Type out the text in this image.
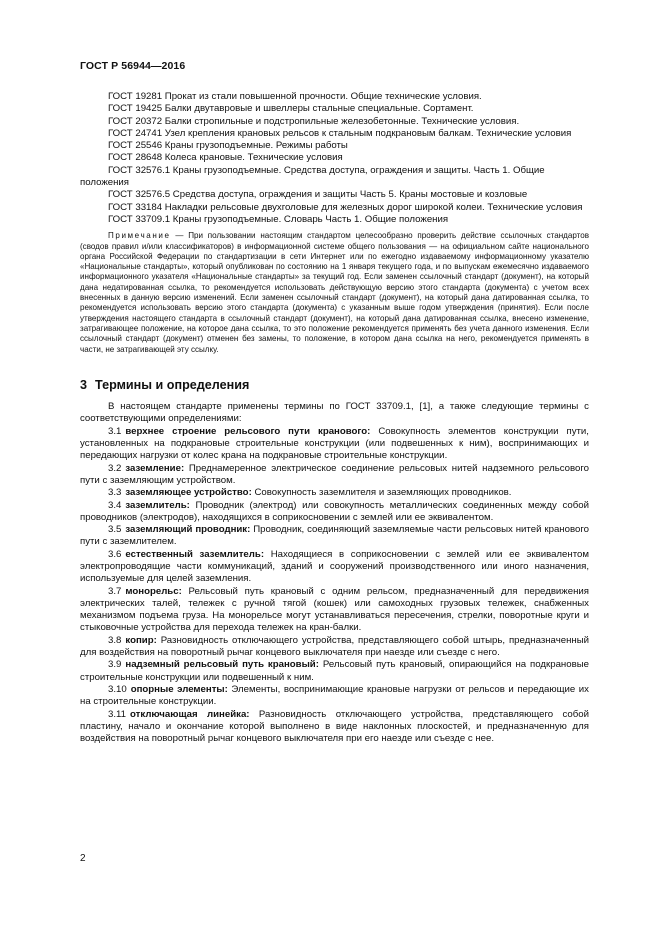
ГОСТ Р 56944—2016

ГОСТ 19281 Прокат из стали повышенной прочности. Общие технические условия.

ГОСТ 19425 Балки двутавровые и швеллеры стальные специальные. Сортамент.

ГОСТ 20372 Балки стропильные и подстропильные железобетонные. Технические условия.

ГОСТ 24741 Узел крепления крановых рельсов к стальным подкрановым балкам. Технические условия

ГОСТ 25546 Краны грузоподъемные. Режимы работы

ГОСТ 28648 Колеса крановые. Технические условия

ГОСТ 32576.1 Краны грузоподъемные. Средства доступа, ограждения и защиты. Часть 1. Общие положения

ГОСТ 32576.5 Средства доступа, ограждения и защиты Часть 5. Краны мостовые и козловые

ГОСТ 33184 Накладки рельсовые двухголовые для железных дорог широкой колеи. Технические условия

ГОСТ 33709.1 Краны грузоподъемные. Словарь Часть 1. Общие положения

Примечание — При пользовании настоящим стандартом целесообразно проверить действие ссылочных стандартов (сводов правил и/или классификаторов) в информационной системе общего пользования — на официальном сайте национального органа Российской Федерации по стандартизации в сети Интернет или по ежегодно издаваемому информационному указателю «Национальные стандарты», который опубликован по состоянию на 1 января текущего года, и по выпускам ежемесячно издаваемого информационного указателя «Национальные стандарты» за текущий год. Если заменен ссылочный стандарт (документ), на который дана недатированная ссылка, то рекомендуется использовать действующую версию этого стандарта (документа) с учетом всех внесенных в данную версию изменений. Если заменен ссылочный стандарт (документ), на который дана датированная ссылка, то рекомендуется использовать версию этого стандарта (документа) с указанным выше годом утверждения (принятия). Если после утверждения настоящего стандарта в ссылочный стандарт (документ), на который дана датированная ссылка, внесено изменение, затрагивающее положение, на которое дана ссылка, то это положение рекомендуется применять без учета данного изменения. Если ссылочный стандарт (документ) отменен без замены, то положение, в котором дана ссылка на него, рекомендуется применять в части, не затрагивающей эту ссылку.

3 Термины и определения

В настоящем стандарте применены термины по ГОСТ 33709.1, [1], а также следующие термины с соответствующими определениями:

3.1 верхнее строение рельсового пути кранового: Совокупность элементов конструкции пути, установленных на подкрановые строительные конструкции (или подвешенных к ним), воспринимающих и передающих нагрузки от колес крана на подкрановые строительные конструкции.

3.2 заземление: Преднамеренное электрическое соединение рельсовых нитей надземного рельсового пути с заземляющим устройством.

3.3 заземляющее устройство: Совокупность заземлителя и заземляющих проводников.

3.4 заземлитель: Проводник (электрод) или совокупность металлических соединенных между собой проводников (электродов), находящихся в соприкосновении с землей или ее эквивалентом.

3.5 заземляющий проводник: Проводник, соединяющий заземляемые части рельсовых нитей кранового пути с заземлителем.

3.6 естественный заземлитель: Находящиеся в соприкосновении с землей или ее эквивалентом электропроводящие части коммуникаций, зданий и сооружений производственного или иного назначения, используемые для целей заземления.

3.7 монорельс: Рельсовый путь крановый с одним рельсом, предназначенный для передвижения электрических талей, тележек с ручной тягой (кошек) или самоходных грузовых тележек, снабженных механизмом подъема груза. На монорельсе могут устанавливаться пересечения, стрелки, поворотные круги и стыковочные устройства для перехода тележек на кран-балки.

3.8 копир: Разновидность отключающего устройства, представляющего собой штырь, предназначенный для воздействия на поворотный рычаг концевого выключателя при наезде или съезде с него.

3.9 надземный рельсовый путь крановый: Рельсовый путь крановый, опирающийся на подкрановые строительные конструкции или подвешенный к ним.

3.10 опорные элементы: Элементы, воспринимающие крановые нагрузки от рельсов и передающие их на строительные конструкции.

3.11 отключающая линейка: Разновидность отключающего устройства, представляющего собой пластину, начало и окончание которой выполнено в виде наклонных плоскостей, и предназначенную для воздействия на поворотный рычаг концевого выключателя при его наезде или съезде с нее.

2
